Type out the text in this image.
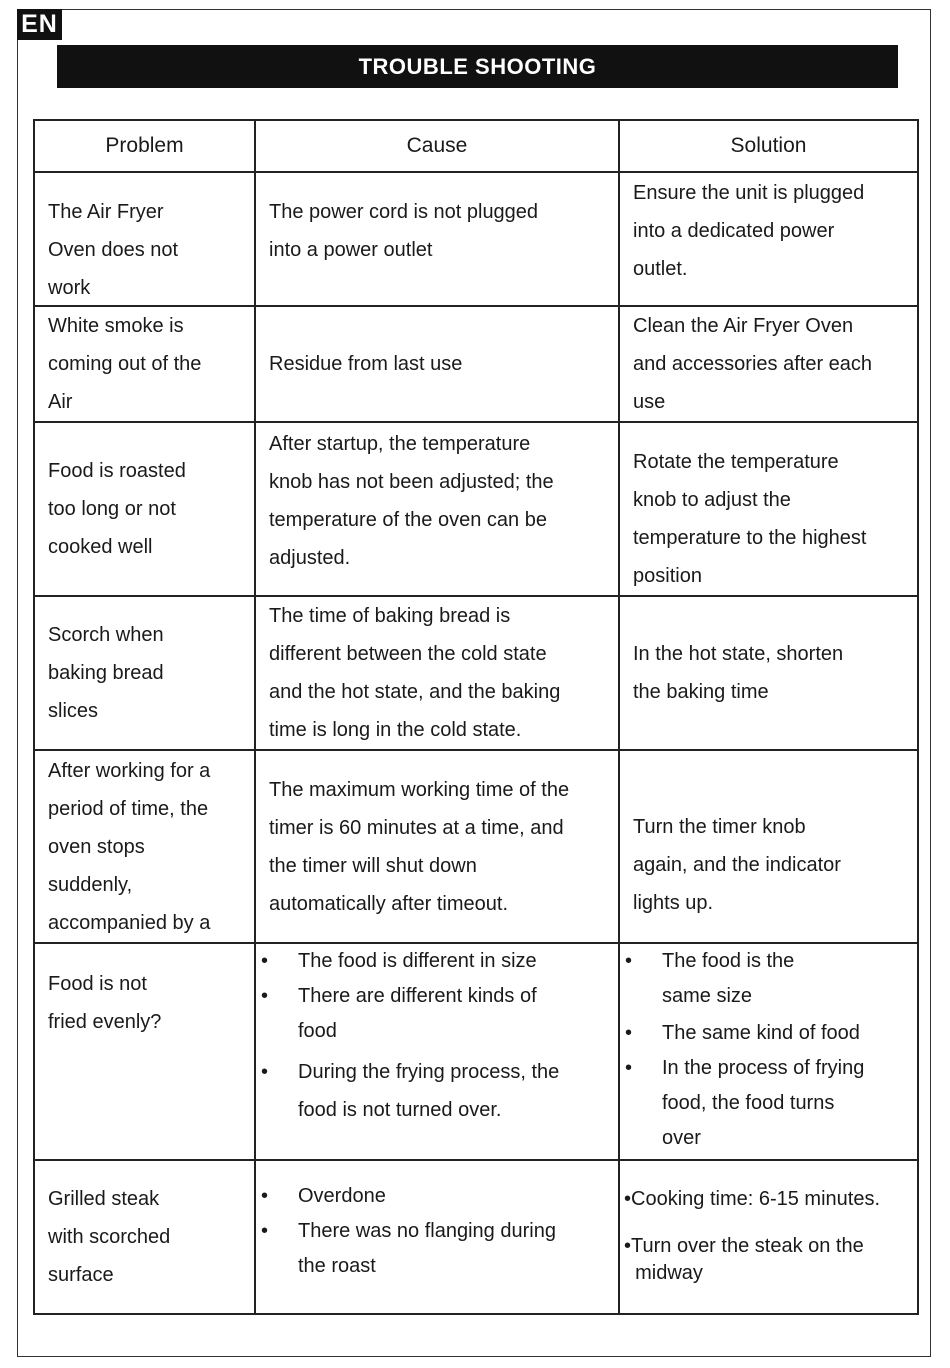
EN
TROUBLE SHOOTING
Problem	Cause	Solution
The Air Fryer
Oven does not
work
The power cord is not plugged
into a power outlet
Ensure the unit is plugged
into a dedicated power
outlet.
White smoke is
coming out of the
Air
Residue from last use
Clean the Air Fryer Oven
and accessories after each
use
Food is roasted
too long or not
cooked well
After startup, the temperature
knob has not been adjusted; the
temperature of the oven can be
adjusted.
Rotate the temperature
knob to adjust the
temperature to the highest
position
Scorch when
baking bread
slices
The time of baking bread is
different between the cold state
and the hot state, and the baking
time is long in the cold state.
In the hot state, shorten
the baking time
After working for a
period of time, the
oven stops
suddenly,
accompanied by a
The maximum working time of the
timer is 60 minutes at a time, and
the timer will shut down
automatically after timeout.
Turn the timer knob
again, and the indicator
lights up.
Food is not
fried evenly?
• The food is different in size
• There are different kinds of
food
• During the frying process, the
food is not turned over.
• The food is the
same size
• The same kind of food
• In the process of frying
food, the food turns
over
Grilled steak
with scorched
surface
• Overdone
• There was no flanging during
the roast
•Cooking time: 6-15 minutes.
•Turn over the steak on the
midway
